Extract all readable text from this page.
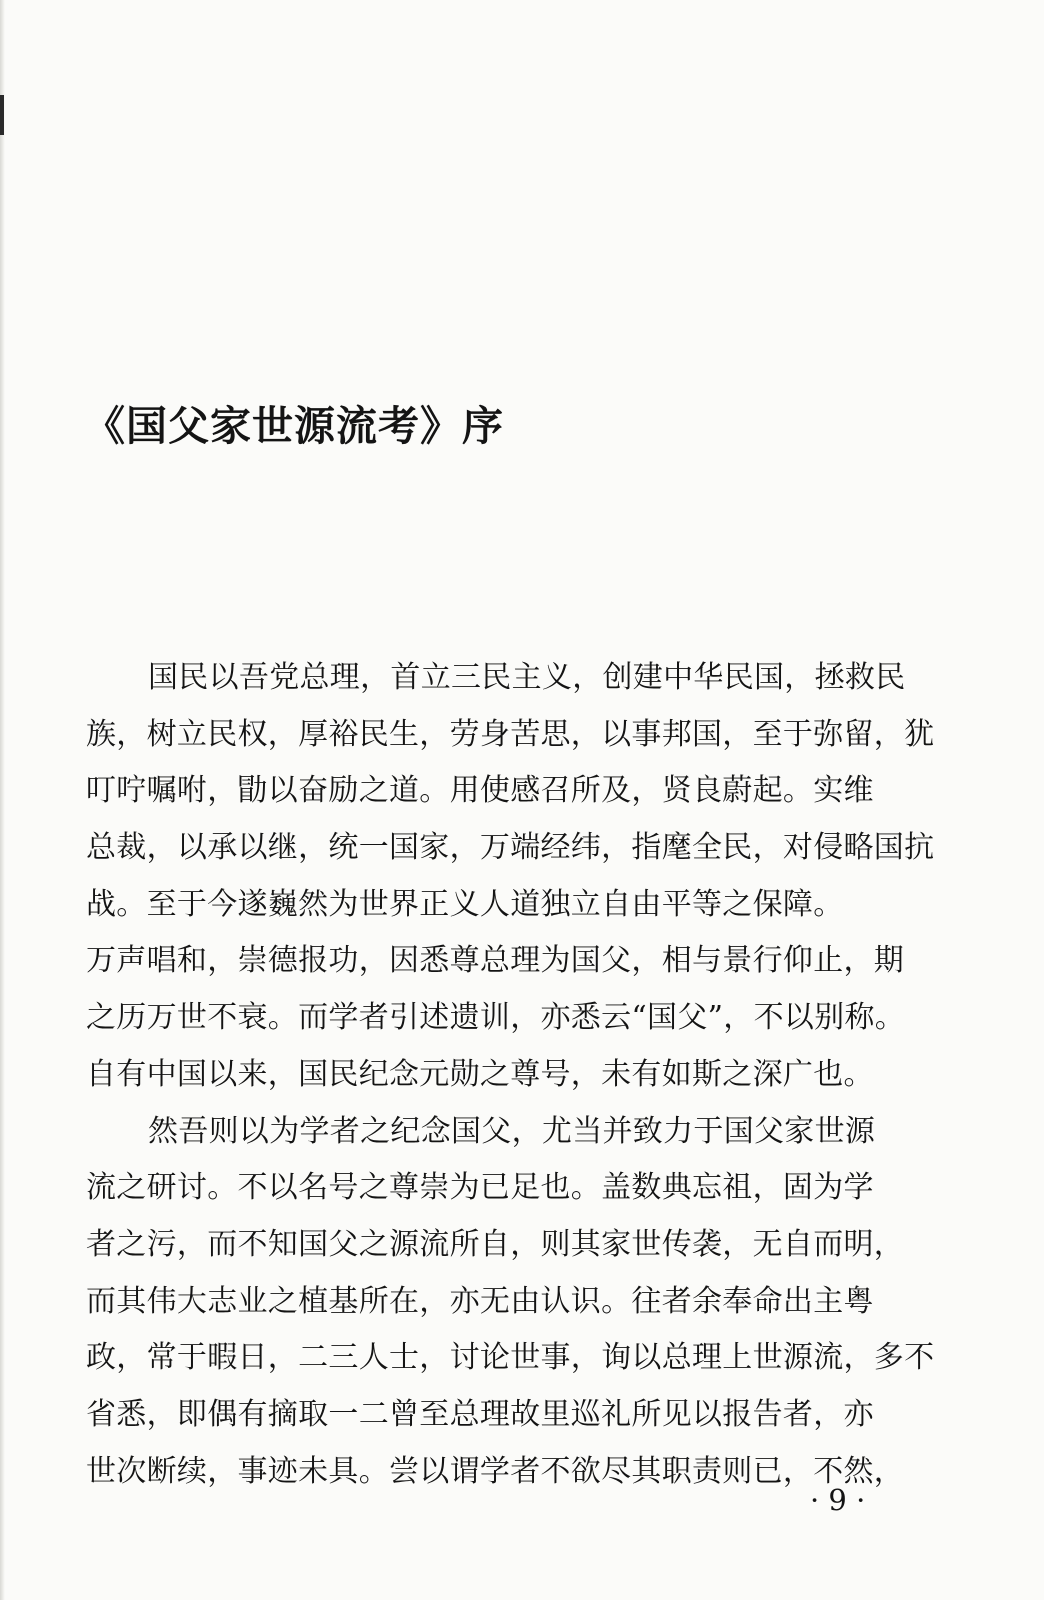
《国父家世源流考》序
国民以吾党总理，首立三民主义，创建中华民国，拯救民
族，树立民权，厚裕民生，劳身苦思，以事邦国，至于弥留，犹
叮咛嘱咐，勖以奋励之道。用使感召所及，贤良蔚起。实维
总裁，以承以继，统一国家，万端经纬，指麾全民，对侵略国抗
战。至于今遂巍然为世界正义人道独立自由平等之保障。
万声唱和，崇德报功，因悉尊总理为国父，相与景行仰止，期
之历万世不衰。而学者引述遗训，亦悉云“国父”，不以别称。
自有中国以来，国民纪念元勋之尊号，未有如斯之深广也。
然吾则以为学者之纪念国父，尤当并致力于国父家世源
流之研讨。不以名号之尊崇为已足也。盖数典忘祖，固为学
者之污，而不知国父之源流所自，则其家世传袭，无自而明，
而其伟大志业之植基所在，亦无由认识。往者余奉命出主粤
政，常于暇日，二三人士，讨论世事，询以总理上世源流，多不
省悉，即偶有摘取一二曾至总理故里巡礼所见以报告者，亦
世次断续，事迹未具。尝以谓学者不欲尽其职责则已，不然，
· 9 ·
